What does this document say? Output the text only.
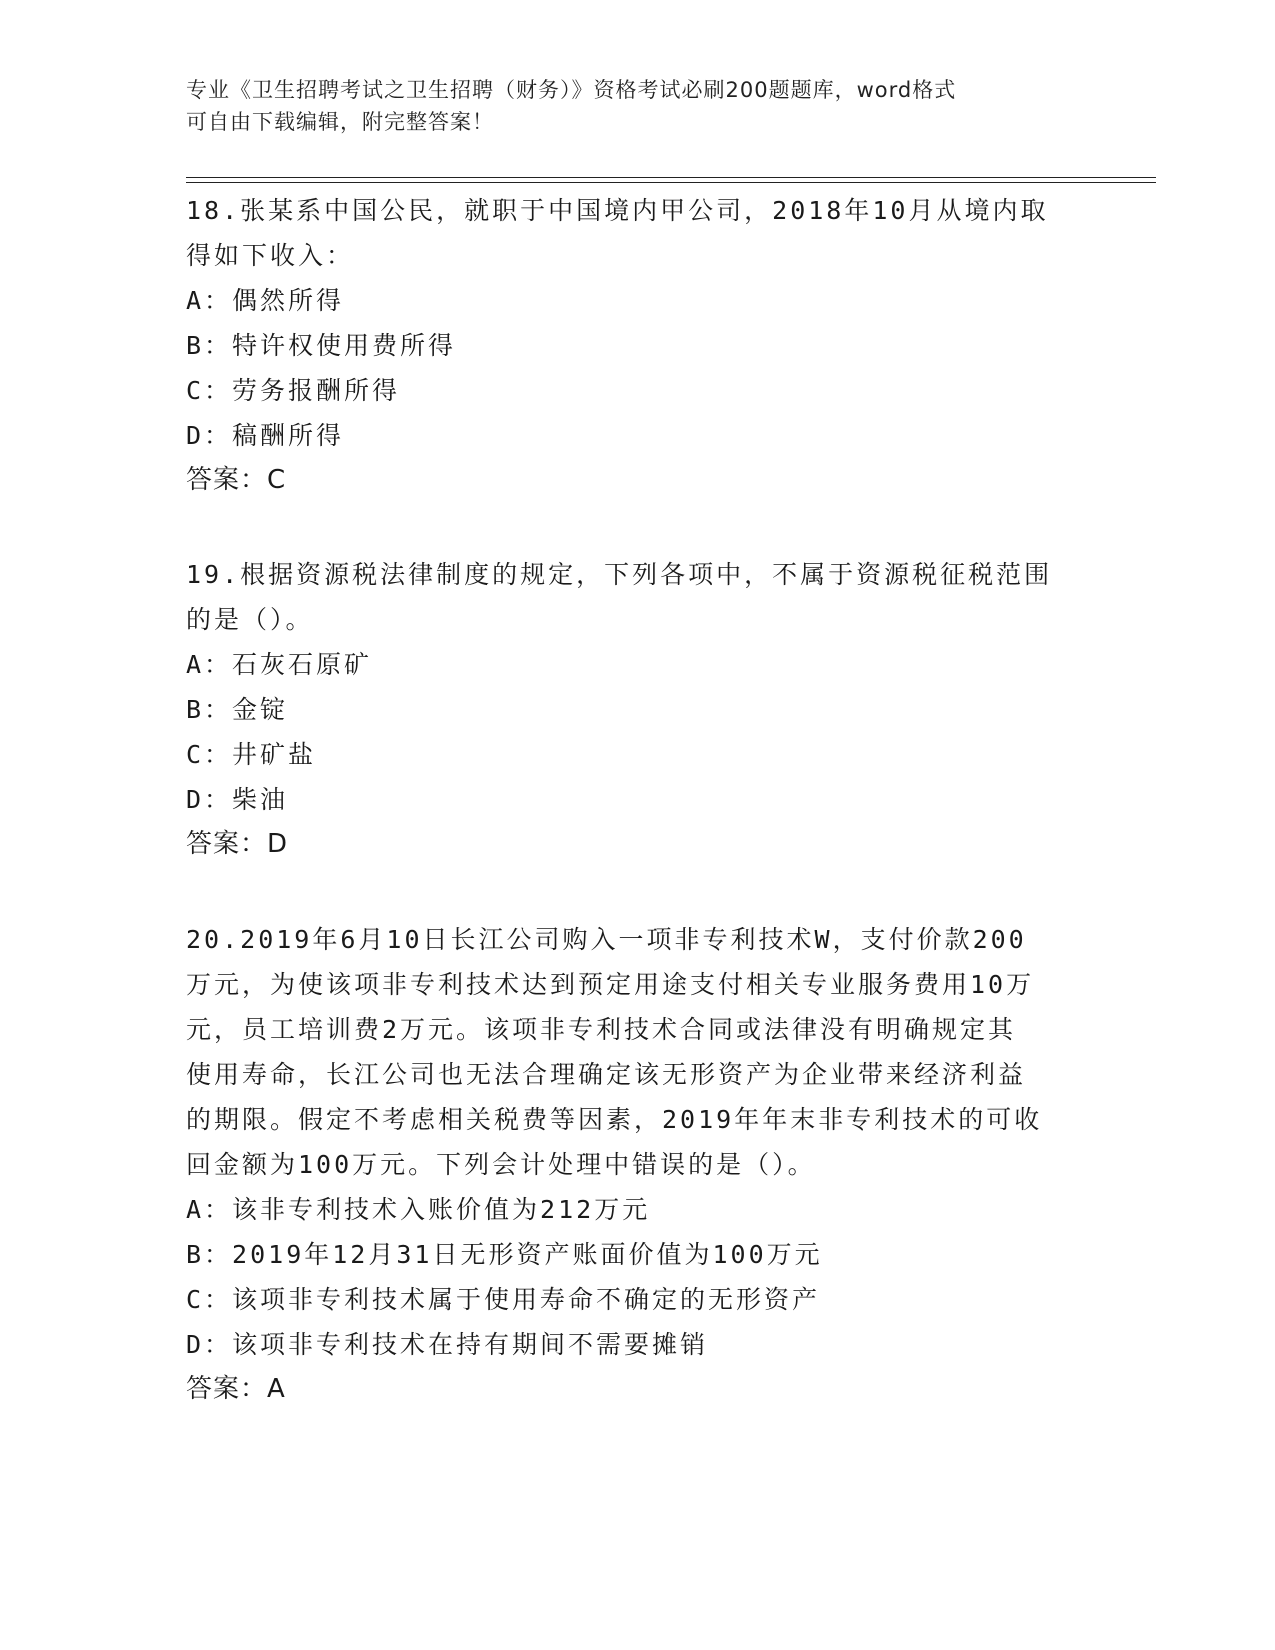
专业《卫生招聘考试之卫生招聘（财务）》资格考试必刷200题题库，word格式
可自由下载编辑，附完整答案！
18.张某系中国公民，就职于中国境内甲公司，2018年10月从境内取
得如下收入：
A：偶然所得
B：特许权使用费所得
C：劳务报酬所得
D：稿酬所得
答案：C
19.根据资源税法律制度的规定，下列各项中，不属于资源税征税范围
的是（）。
A：石灰石原矿
B：金锭
C：井矿盐
D：柴油
答案：D
20.2019年6月10日长江公司购入一项非专利技术W，支付价款200
万元，为使该项非专利技术达到预定用途支付相关专业服务费用10万
元，员工培训费2万元。该项非专利技术合同或法律没有明确规定其
使用寿命，长江公司也无法合理确定该无形资产为企业带来经济利益
的期限。假定不考虑相关税费等因素，2019年年末非专利技术的可收
回金额为100万元。下列会计处理中错误的是（）。
A：该非专利技术入账价值为212万元
B：2019年12月31日无形资产账面价值为100万元
C：该项非专利技术属于使用寿命不确定的无形资产
D：该项非专利技术在持有期间不需要摊销
答案：A
